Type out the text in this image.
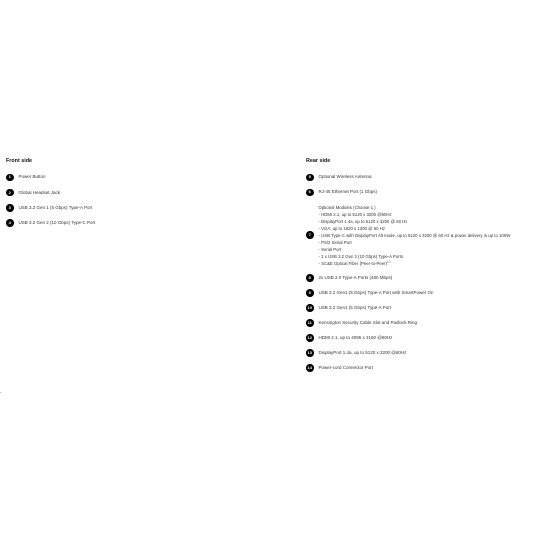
Front side
1	Power Button
2	Global Headset Jack
3	USB 3.2 Gen 1 (5 Gbps) Type-A Port
4	USB 3.2 Gen 2 (10 Gbps) Type-C Port
Rear side
5	Optional Wireless Antenna
6	RJ-45 Ethernet Port (1 Gbps)
7
Optional Modules (Choose 1 )
- HDMI 2.1, up to 5120 x 3200 @60Hz
- DisplayPort 1.4a, up to 5120 x 3200 @ 60 Hz
- VGA, up to 1920 x 1200 @ 60 Hz
- USB Type-C with DisplayPort Alt mode, up to 5120 x 3200 @ 60 Hz & power delivery in up to 100W
- PS/2 Serial Port
- Serial Port
- 2 x USB 3.2 Gen 2 (10 Gbps) Type-A Ports
- SC&E Optical Fiber (Peer-to-Peer)$^{1,2}$
8	2x USB 2.0 Type-A Ports (480 Mbps)
9	USB 3.2 Gen1 (5 Gbps) Type-A Port with SmartPower On
10	USB 3.2 Gen1 (5 Gbps) Type-A Port
11	Kensington Security Cable Slot and Padlock Ring
12	HDMI 2.1, up to 4096 x 2160 @60Hz
13	DisplayPort 1.4a, up to 5120 x 3200 @60Hz
14	Power-cord Connector Port
